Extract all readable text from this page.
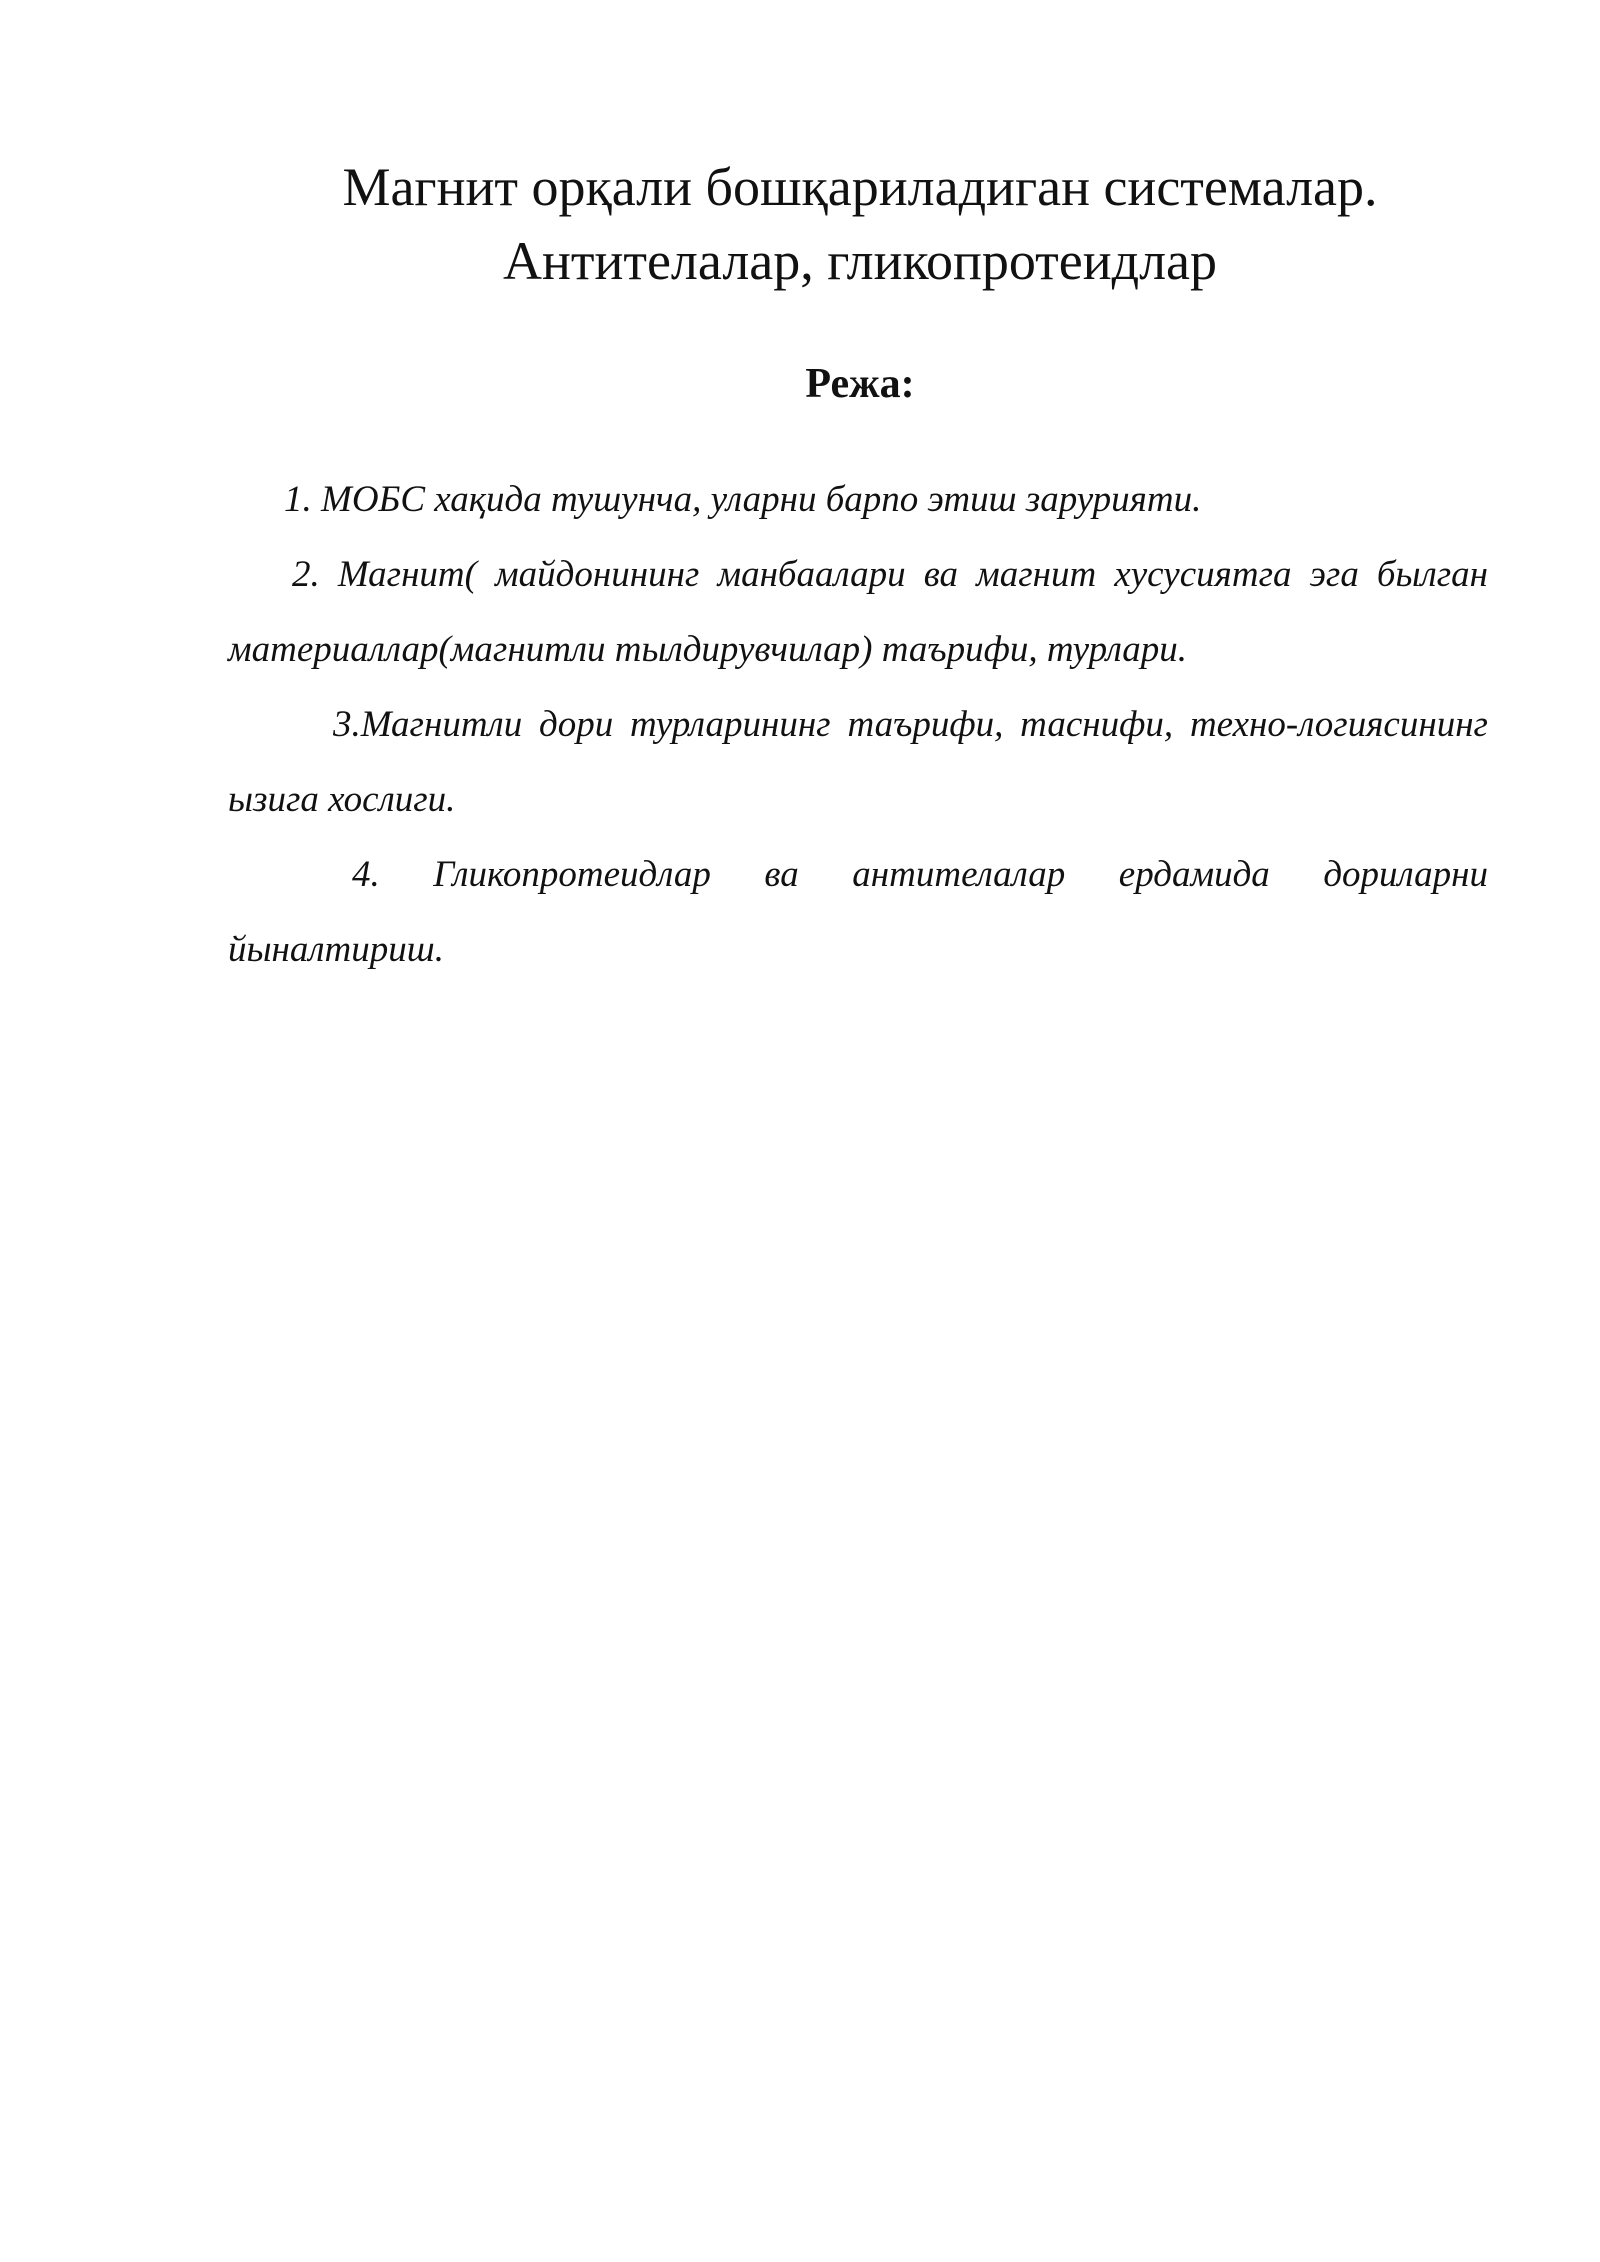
Магнит орқали бошқариладиган системалар.
Антителалар, гликопротеидлар
Режа:

1. МОБС хақида тушунча, уларни барпо этиш зарурияти.

2. Магнит( майдонининг манбаалари ва магнит хусусиятга эга былган материаллар(магнитли тылдирувчилар) таърифи, турлари.

3.Магнитли дори турларининг таърифи, таснифи, техно-логиясининг ызига хослиги.

4. Гликопротеидлар ва антителалар ердамида дориларни йыналтириш.
